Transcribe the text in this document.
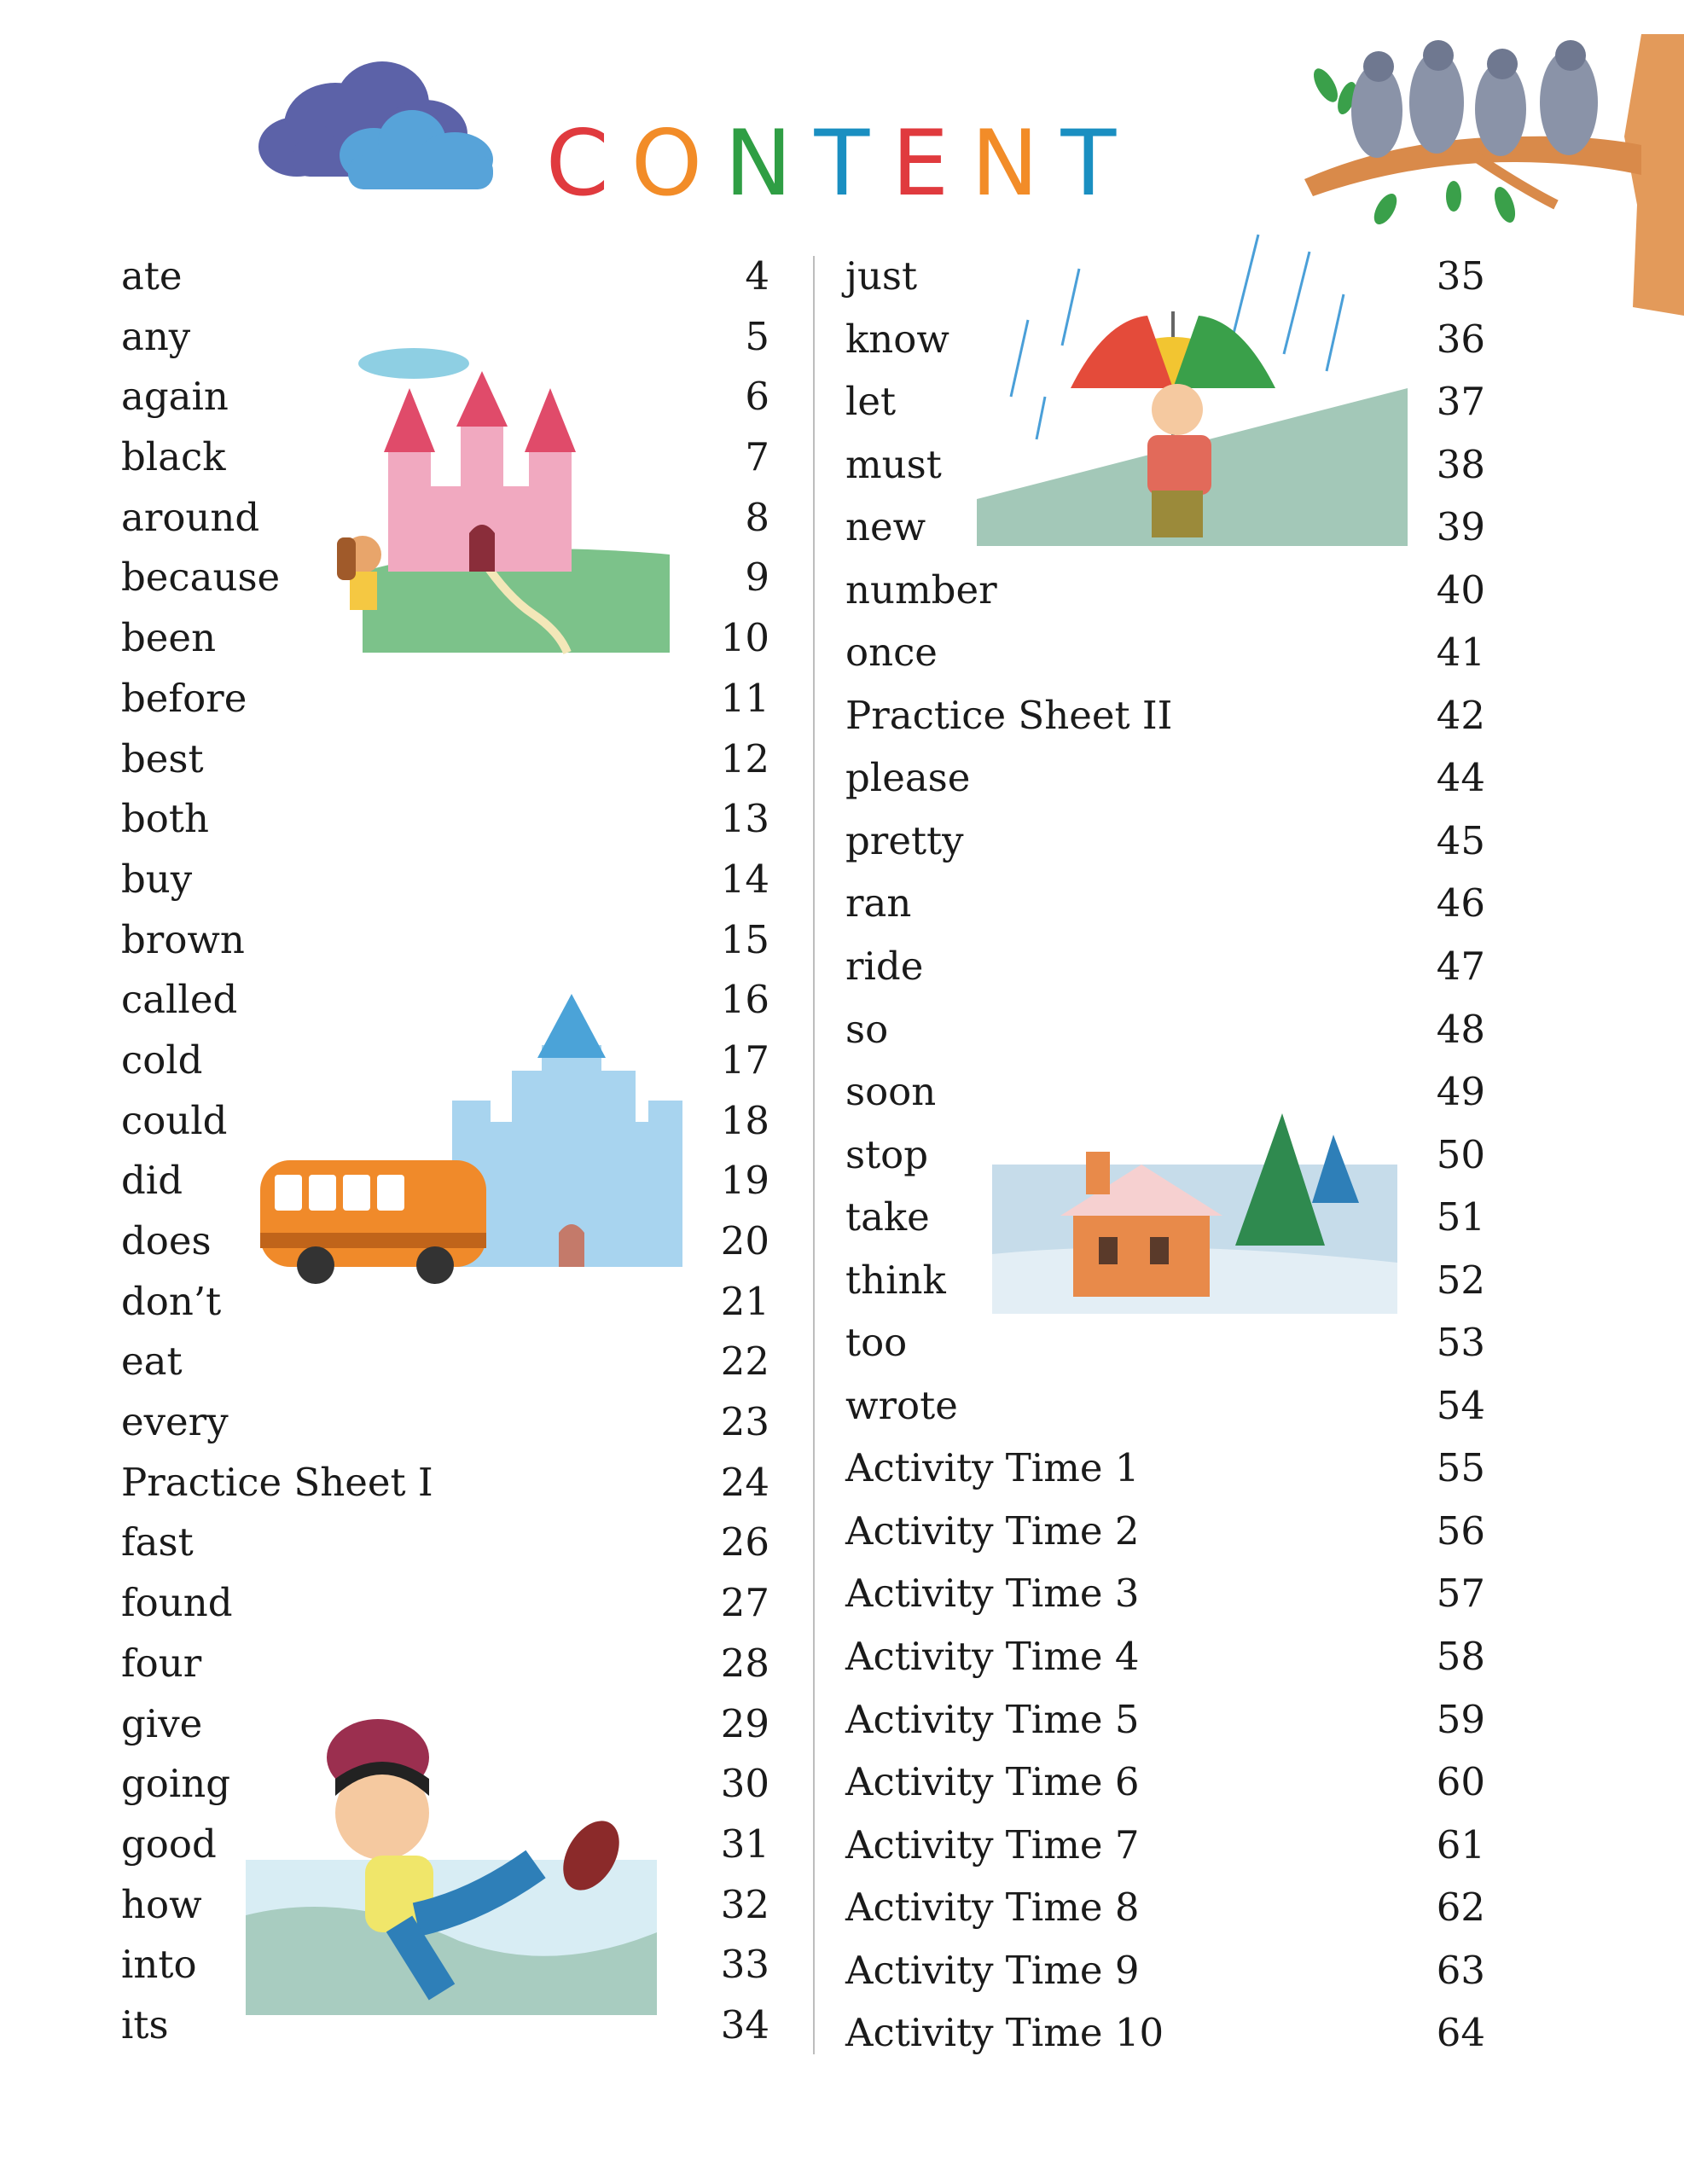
CONTENT
ate	4
any	5
again	6
black	7
around	8
because	9
been	10
before	11
best	12
both	13
buy	14
brown	15
called	16
cold	17
could	18
did	19
does	20
don’t	21
eat	22
every	23
Practice Sheet I	24
fast	26
found	27
four	28
give	29
going	30
good	31
how	32
into	33
its	34
just	35
know	36
let	37
must	38
new	39
number	40
once	41
Practice Sheet II	42
please	44
pretty	45
ran	46
ride	47
so	48
soon	49
stop	50
take	51
think	52
too	53
wrote	54
Activity Time 1	55
Activity Time 2	56
Activity Time 3	57
Activity Time 4	58
Activity Time 5	59
Activity Time 6	60
Activity Time 7	61
Activity Time 8	62
Activity Time 9	63
Activity Time 10	64
